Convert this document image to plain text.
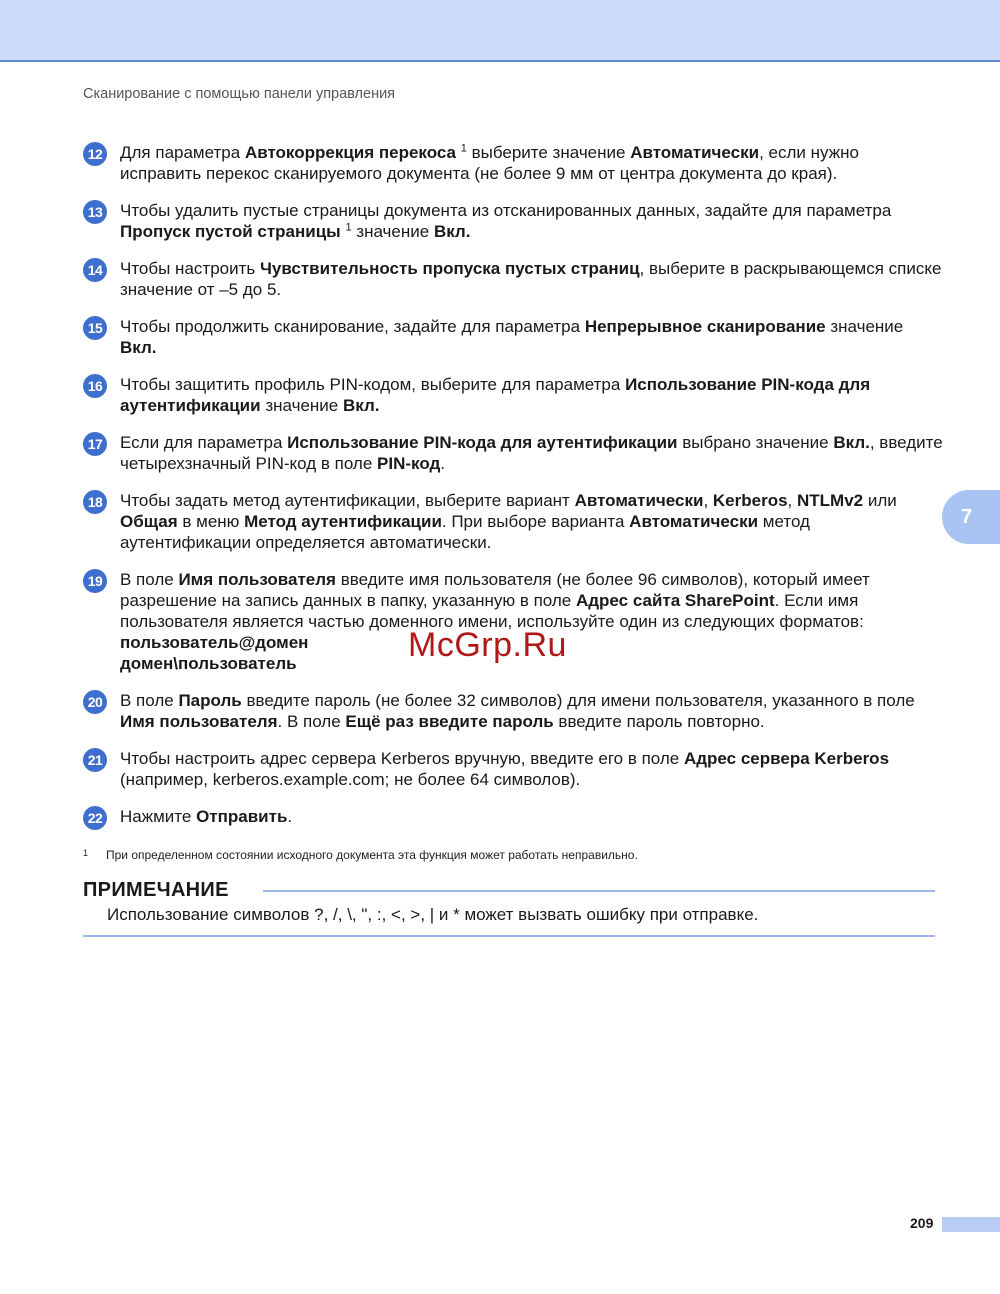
Сканирование с помощью панели управления
12 Для параметра Автокоррекция перекоса $^1$ выберите значение Автоматически, если нужно исправить перекос сканируемого документа (не более 9 мм от центра документа до края).
13 Чтобы удалить пустые страницы документа из отсканированных данных, задайте для параметра Пропуск пустой страницы $^1$ значение Вкл.
14 Чтобы настроить Чувствительность пропуска пустых страниц, выберите в раскрывающемся списке значение от –5 до 5.
15 Чтобы продолжить сканирование, задайте для параметра Непрерывное сканирование значение Вкл.
16 Чтобы защитить профиль PIN-кодом, выберите для параметра Использование PIN-кода для аутентификации значение Вкл.
17 Если для параметра Использование PIN-кода для аутентификации выбрано значение Вкл., введите четырехзначный PIN-код в поле PIN-код.
18 Чтобы задать метод аутентификации, выберите вариант Автоматически, Kerberos, NTLMv2 или Общая в меню Метод аутентификации. При выборе варианта Автоматически метод аутентификации определяется автоматически.
19 В поле Имя пользователя введите имя пользователя (не более 96 символов), который имеет разрешение на запись данных в папку, указанную в поле Адрес сайта SharePoint. Если имя пользователя является частью доменного имени, используйте один из следующих форматов:
пользователь@домен
домен\пользователь
20 В поле Пароль введите пароль (не более 32 символов) для имени пользователя, указанного в поле Имя пользователя. В поле Ещё раз введите пароль введите пароль повторно.
21 Чтобы настроить адрес сервера Kerberos вручную, введите его в поле Адрес сервера Kerberos (например, kerberos.example.com; не более 64 символов).
22 Нажмите Отправить.
1 При определенном состоянии исходного документа эта функция может работать неправильно.
ПРИМЕЧАНИЕ
Использование символов ?, /, \, ", :, <, >, | и * может вызвать ошибку при отправке.
7
209
McGrp.Ru
